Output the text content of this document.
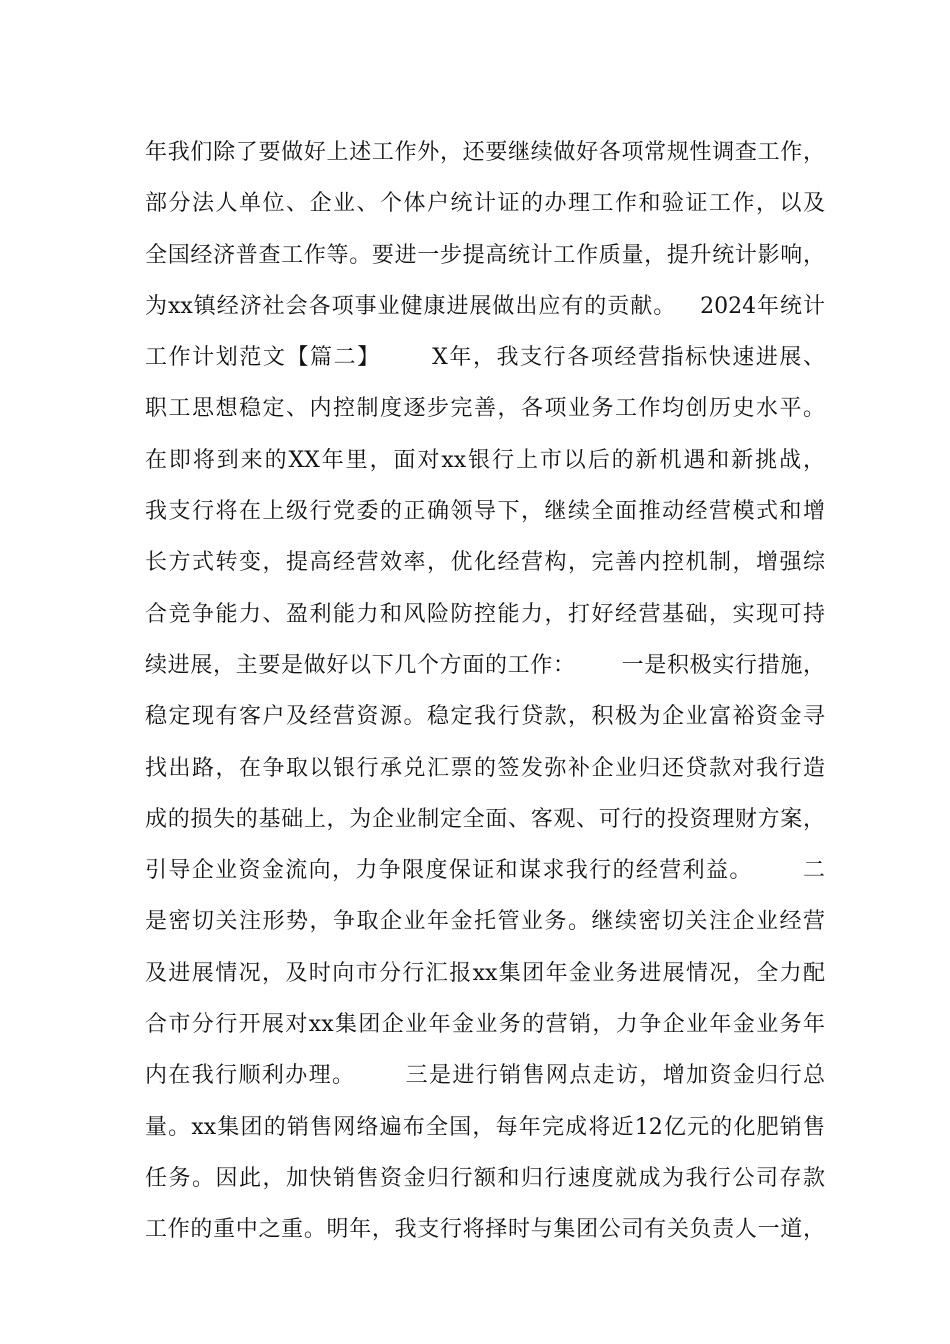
年我们除了要做好上述工作外，还要继续做好各项常规性调查工作，
部分法人单位、企业、个体户统计证的办理工作和验证工作，以及
全国经济普查工作等。要进一步提高统计工作质量，提升统计影响，
为xx镇经济社会各项事业健康进展做出应有的贡献。   2024年统计
工作计划范文【篇二】      X年，我支行各项经营指标快速进展、
职工思想稳定、内控制度逐步完善，各项业务工作均创历史水平。
在即将到来的XX年里，面对xx银行上市以后的新机遇和新挑战，
我支行将在上级行党委的正确领导下，继续全面推动经营模式和增
长方式转变，提高经营效率，优化经营构，完善内控机制，增强综
合竞争能力、盈利能力和风险防控能力，打好经营基础，实现可持
续进展，主要是做好以下几个方面的工作：      一是积极实行措施，
稳定现有客户及经营资源。稳定我行贷款，积极为企业富裕资金寻
找出路，在争取以银行承兑汇票的签发弥补企业归还贷款对我行造
成的损失的基础上，为企业制定全面、客观、可行的投资理财方案，
引导企业资金流向，力争限度保证和谋求我行的经营利益。      二
是密切关注形势，争取企业年金托管业务。继续密切关注企业经营
及进展情况，及时向市分行汇报xx集团年金业务进展情况，全力配
合市分行开展对xx集团企业年金业务的营销，力争企业年金业务年
内在我行顺利办理。      三是进行销售网点走访，增加资金归行总
量。xx集团的销售网络遍布全国，每年完成将近12亿元的化肥销售
任务。因此，加快销售资金归行额和归行速度就成为我行公司存款
工作的重中之重。明年，我支行将择时与集团公司有关负责人一道，
